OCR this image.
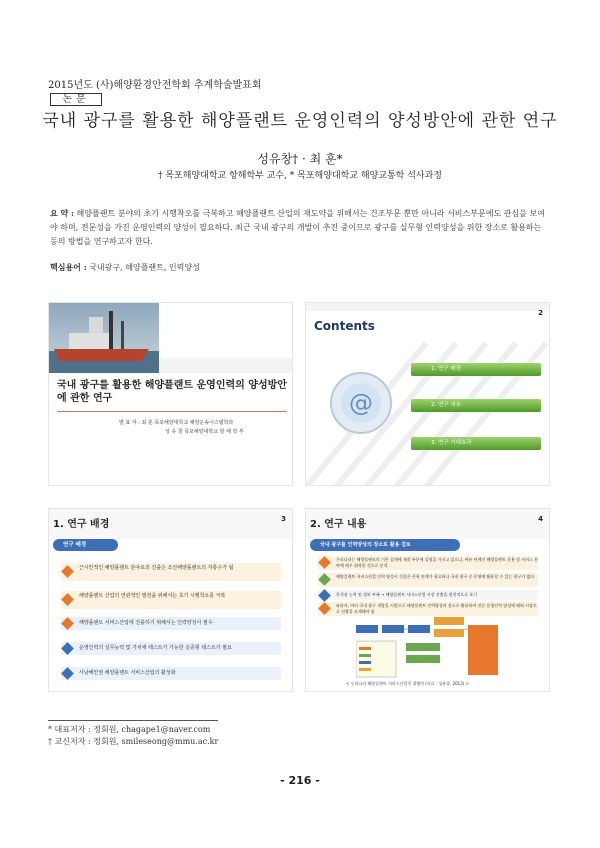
2015년도 (사)해양환경안전학회 추계학술발표회
논문
국내 광구를 활용한 해양플랜트 운영인력의 양성방안에 관한 연구
성유창† · 최 훈*
† 목포해양대학교 항해학부 교수, * 목포해양대학교 해양교통학 석사과정
요 약 : 해양플랜트 분야의 초기 시행착오를 극복하고 해양플랜트 산업의 재도약을 위해서는 건조부문 뿐만 아니라 서비스부문에도 관심을 보여야 하며, 전문성을 가진 운영인력의 양성이 필요하다. 최근 국내 광구의 개발이 추진 중이므로 광구를 실무형 인력양성을 위한 장소로 활용하는 등의 방법을 연구하고자 한다.
핵심용어 : 국내광구, 해양플랜트, 인력양성
국내 광구를 활용한 해양플랜트 운영인력의 양성방안에 관한 연구
발 표 자 : 최 훈 목포해양대학교 해양운송시스템학과
성 유 창 목포해양대학교 항 해 학 부
@
Contents
2
1. 연구 배경
2. 연구 내용
3. 연구 기대효과
1. 연구 배경	3
연구 배경
근시안적인 해양플랜트 분야로의 진출은 조선해양플랜트의 자충수가 됨
해양플랜트 산업의 연관적인 발전을 위해서는 초기 시행착오를 극복
해양플랜트 서비스산업에 진출하기 위해서는 인력양성이 필수
운영인력의 실무능력 및 가치에 테스트가 가능한 실증형 테스트가 필요
서남해안권 해양플랜트 서비스산업의 활성화
2. 연구 내용	4
국내 광구를 인력양성의 장소로 활용 검토
우리나라는 해양플랜트의 기본 설계에 제작 부분에 강점을 가지고 있으나, 여유 단계인 해양플랜트 운용 및 서비스 분야에 매우 취약한 것으로 분석
해양플랜트 서비스산업 인력 양성시 건물은 산학 연계가 필요하나 국내 광구 중 운영에 활용할 수 있는 광구가 없다
한석점 능력 및 정보 부족 → 해양플랜트 서비스산업 시장 진출을 원천적으로 포기
따라서, 여러 국내 광구 개발을 시범으로 해양플랜트 인력양성의 장소로 활용하여 전문 운영인력 양성에 해외 시장으로 진출을 모색해야 함
< 우리나라 해양플랜트 서비스산업의 경쟁력 (자료 : 성유창, 2013) >
* 대표저자 : 정회원, chagape1@naver.com
† 교신저자 : 정회원, smileseong@mmu.ac.kr
- 216 -
